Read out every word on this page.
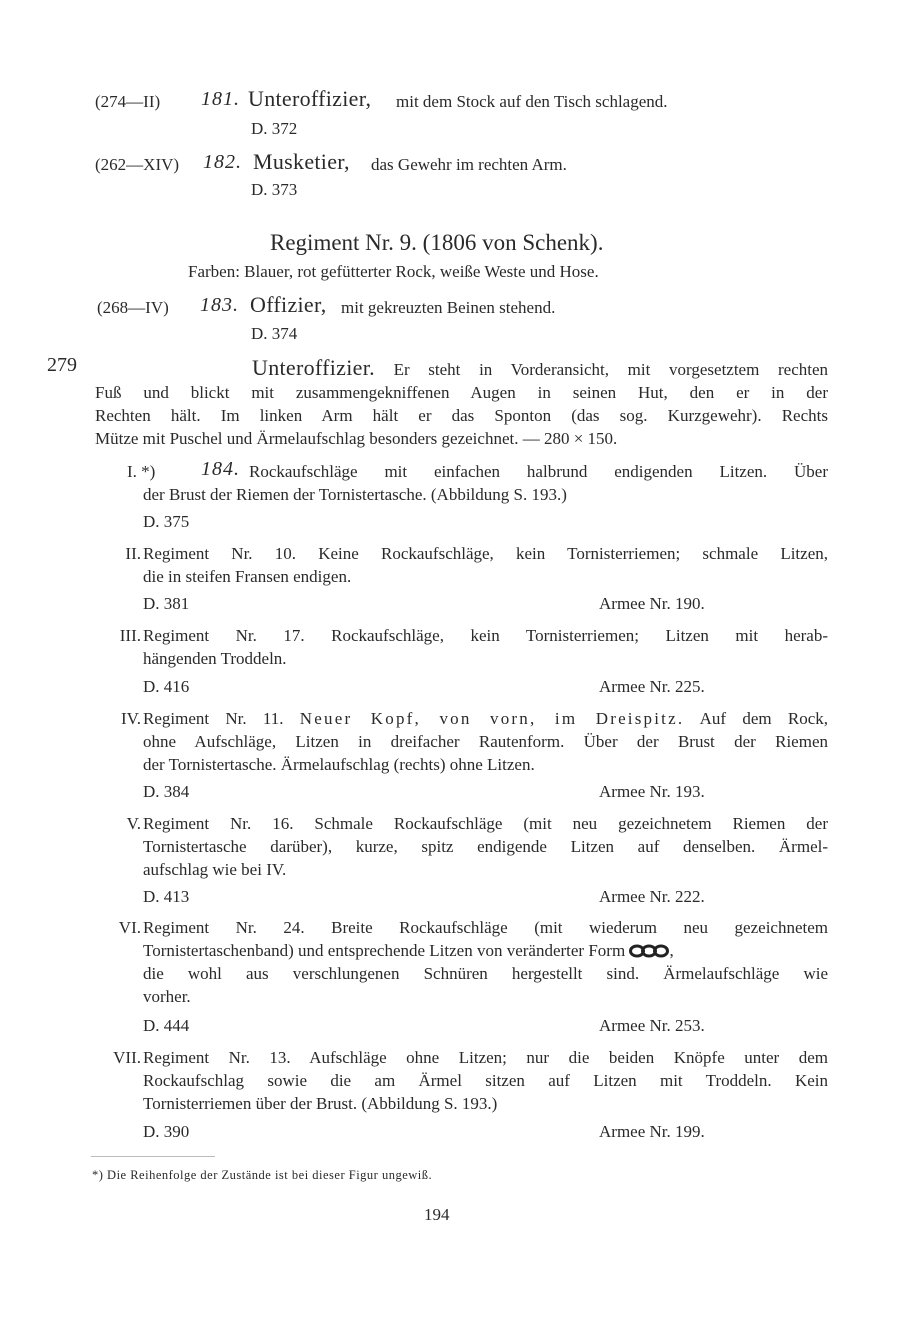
(274—II) 181. Unteroffizier, mit dem Stock auf den Tisch schlagend.
D. 372
(262—XIV) 182. Musketier, das Gewehr im rechten Arm.
D. 373
Regiment Nr. 9. (1806 von Schenk).
Farben: Blauer, rot gefütterter Rock, weiße Weste und Hose.
(268—IV) 183. Offizier, mit gekreuzten Beinen stehend.
D. 374
279	Unteroffizier. Er steht in Vorderansicht, mit vorgesetztem rechten
Fuß und blickt mit zusammengekniffenen Augen in seinen Hut, den er in der
Rechten hält. Im linken Arm hält er das Sponton (das sog. Kurzgewehr). Rechts
Mütze mit Puschel und Ärmelaufschlag besonders gezeichnet. — 280 × 150.
I. *)	184. Rockaufschläge mit einfachen halbrund endigenden Litzen. Über
der Brust der Riemen der Tornistertasche. (Abbildung S. 193.)
D. 375
II. Regiment Nr. 10. Keine Rockaufschläge, kein Tornisterriemen; schmale Litzen,
die in steifen Fransen endigen.
D. 381	Armee Nr. 190.
III. Regiment Nr. 17. Rockaufschläge, kein Tornisterriemen; Litzen mit herab-
hängenden Troddeln.
D. 416	Armee Nr. 225.
IV. Regiment Nr. 11. Neuer Kopf, von vorn, im Dreispitz. Auf dem Rock,
ohne Aufschläge, Litzen in dreifacher Rautenform. Über der Brust der Riemen
der Tornistertasche. Ärmelaufschlag (rechts) ohne Litzen.
D. 384	Armee Nr. 193.
V. Regiment Nr. 16. Schmale Rockaufschläge (mit neu gezeichnetem Riemen der
Tornistertasche darüber), kurze, spitz endigende Litzen auf denselben. Ärmel-
aufschlag wie bei IV.
D. 413	Armee Nr. 222.
VI. Regiment Nr. 24. Breite Rockaufschläge (mit wiederum neu gezeichnetem
Tornistertaschenband) und entsprechende Litzen von veränderter Form	,
die wohl aus verschlungenen Schnüren hergestellt sind. Ärmelaufschläge wie
vorher.
D. 444	Armee Nr. 253.
VII. Regiment Nr. 13. Aufschläge ohne Litzen; nur die beiden Knöpfe unter dem
Rockaufschlag sowie die am Ärmel sitzen auf Litzen mit Troddeln. Kein
Tornisterriemen über der Brust. (Abbildung S. 193.)
D. 390	Armee Nr. 199.
*) Die Reihenfolge der Zustände ist bei dieser Figur ungewiß.
194
